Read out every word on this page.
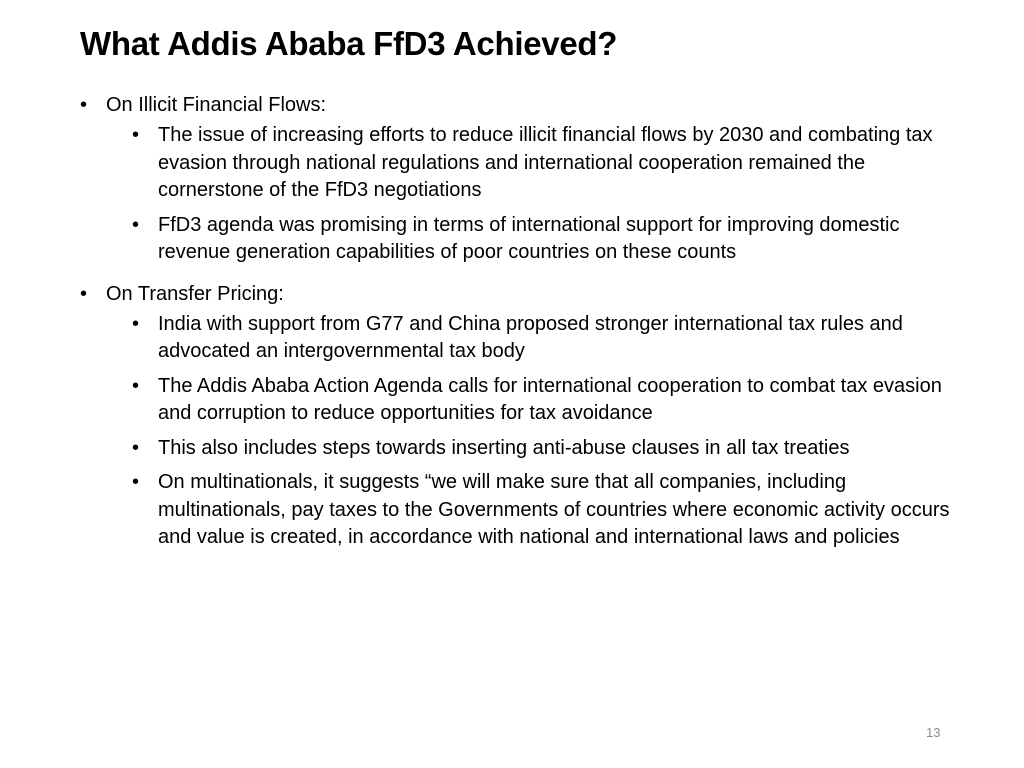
What Addis Ababa FfD3 Achieved?
• On Illicit Financial Flows:
• The issue of increasing efforts to reduce illicit financial flows by 2030 and combating tax evasion through national regulations and international cooperation remained the cornerstone of the FfD3 negotiations
• FfD3 agenda was promising in terms of international support for improving domestic revenue generation capabilities of poor countries on these counts
• On Transfer Pricing:
• India with support from G77 and China proposed stronger international tax rules and advocated an intergovernmental tax body
• The Addis Ababa Action Agenda calls for international cooperation to combat tax evasion and corruption to reduce opportunities for tax avoidance
• This also includes steps towards inserting anti-abuse clauses in all tax treaties
• On multinationals, it suggests “we will make sure that all companies, including multinationals, pay taxes to the Governments of countries where economic activity occurs and value is created, in accordance with national and international laws and policies
13
